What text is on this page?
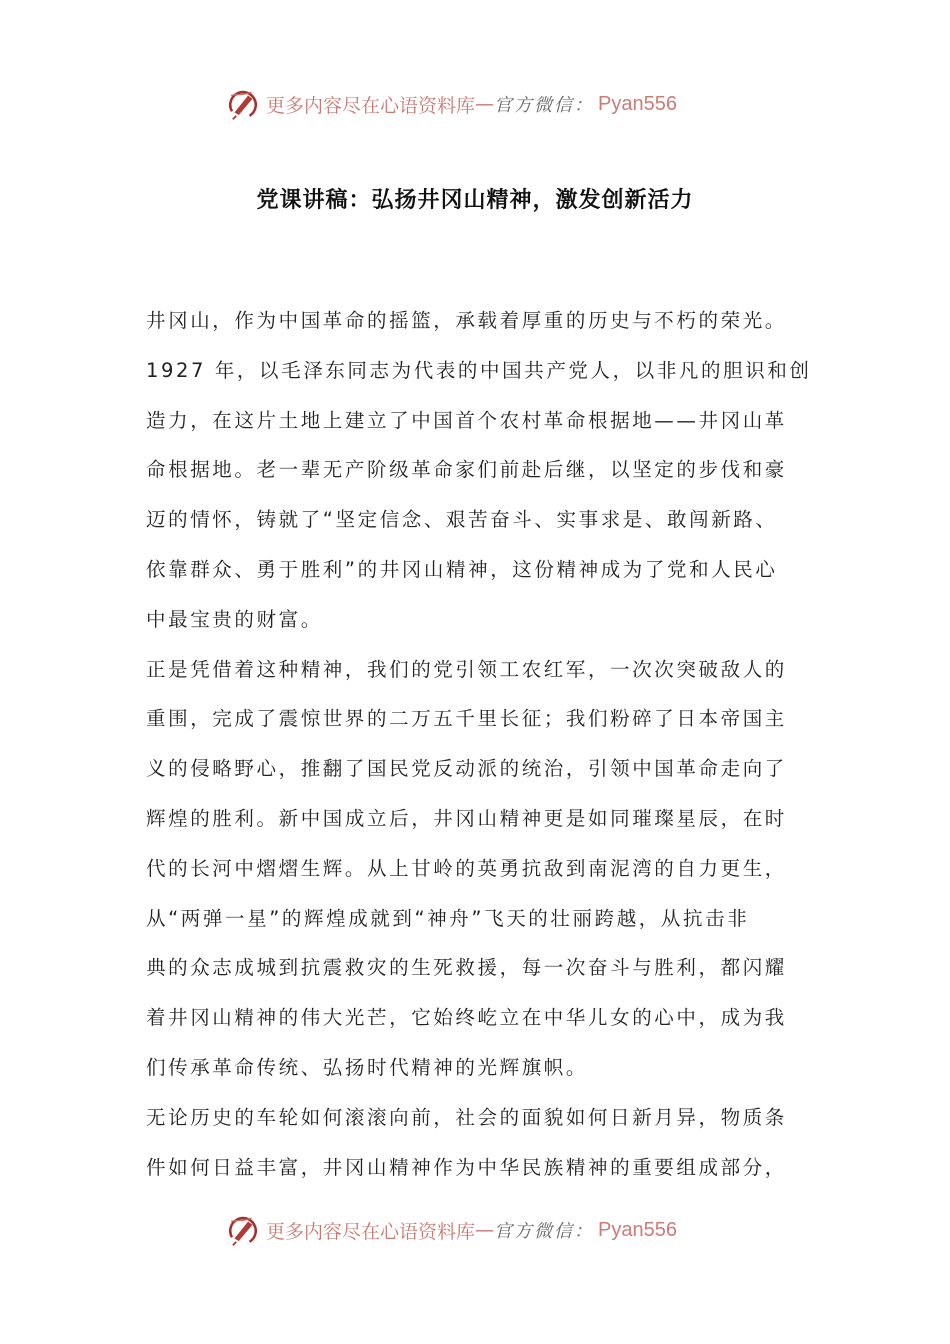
更多内容尽在心语资料库 — 官方微信： Pyan556
党课讲稿：弘扬井冈山精神，激发创新活力

井冈山，作为中国革命的摇篮，承载着厚重的历史与不朽的荣光。
1927 年，以毛泽东同志为代表的中国共产党人，以非凡的胆识和创
造力，在这片土地上建立了中国首个农村革命根据地——井冈山革
命根据地。老一辈无产阶级革命家们前赴后继，以坚定的步伐和豪
迈的情怀，铸就了“坚定信念、艰苦奋斗、实事求是、敢闯新路、
依靠群众、勇于胜利”的井冈山精神，这份精神成为了党和人民心
中最宝贵的财富。

正是凭借着这种精神，我们的党引领工农红军，一次次突破敌人的
重围，完成了震惊世界的二万五千里长征；我们粉碎了日本帝国主
义的侵略野心，推翻了国民党反动派的统治，引领中国革命走向了
辉煌的胜利。新中国成立后，井冈山精神更是如同璀璨星辰，在时
代的长河中熠熠生辉。从上甘岭的英勇抗敌到南泥湾的自力更生，
从“两弹一星”的辉煌成就到“神舟”飞天的壮丽跨越，从抗击非
典的众志成城到抗震救灾的生死救援，每一次奋斗与胜利，都闪耀
着井冈山精神的伟大光芒，它始终屹立在中华儿女的心中，成为我
们传承革命传统、弘扬时代精神的光辉旗帜。

无论历史的车轮如何滚滚向前，社会的面貌如何日新月异，物质条
件如何日益丰富，井冈山精神作为中华民族精神的重要组成部分，

更多内容尽在心语资料库 — 官方微信： Pyan556
